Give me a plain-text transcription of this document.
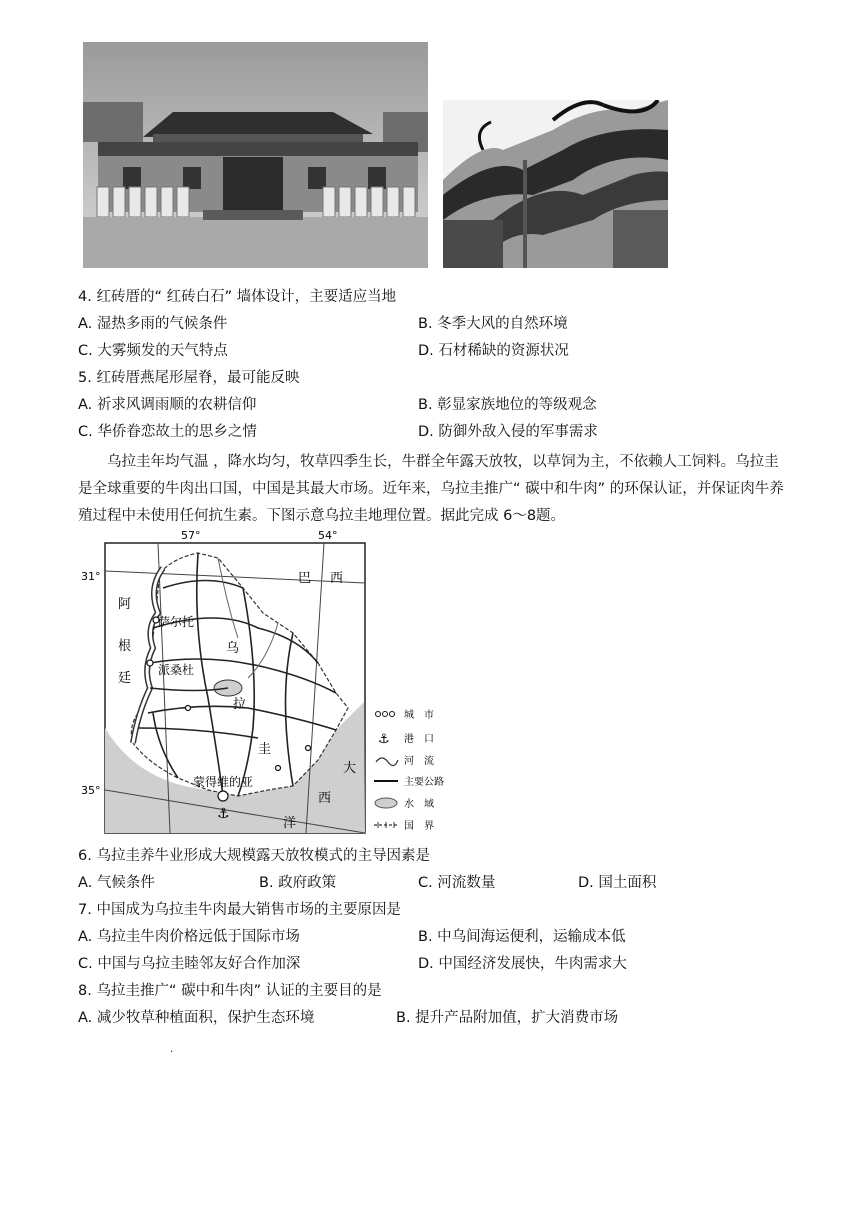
4. 红砖厝的“ 红砖白石” 墙体设计，主要适应当地
A. 湿热多雨的气候条件	B. 冬季大风的自然环境
C. 大雾频发的天气特点	D. 石材稀缺的资源状况
5. 红砖厝燕尾形屋脊，最可能反映
A. 祈求风调雨顺的农耕信仰	B. 彰显家族地位的等级观念
C. 华侨眷恋故土的思乡之情	D. 防御外敌入侵的军事需求

乌拉圭年均气温 ，降水均匀，牧草四季生长，牛群全年露天放牧，以草饲为主，不依赖人工饲料。乌拉圭是全球重要的牛肉出口国，中国是其最大市场。近年来，乌拉圭推广“ 碳中和牛肉” 的环保认证，并保证肉牛养殖过程中未使用任何抗生素。下图示意乌拉圭地理位置。据此完成 6～8题。

⚓
57°	54°
31°
35°
巴 西
阿
根
廷
乌
拉
圭
大
西
洋
萨尔托
派桑杜
蒙得维的亚
城　市
⚓ 港　口
河　流
主要公路
水　域
国　界
6. 乌拉圭养牛业形成大规模露天放牧模式的主导因素是
A. 气候条件	B. 政府政策	C. 河流数量	D. 国土面积
7. 中国成为乌拉圭牛肉最大销售市场的主要原因是
A. 乌拉圭牛肉价格远低于国际市场	B. 中乌间海运便利，运输成本低
C. 中国与乌拉圭睦邻友好合作加深	D. 中国经济发展快，牛肉需求大
8. 乌拉圭推广“ 碳中和牛肉” 认证的主要目的是
A. 减少牧草种植面积，保护生态环境	B. 提升产品附加值，扩大消费市场
.
